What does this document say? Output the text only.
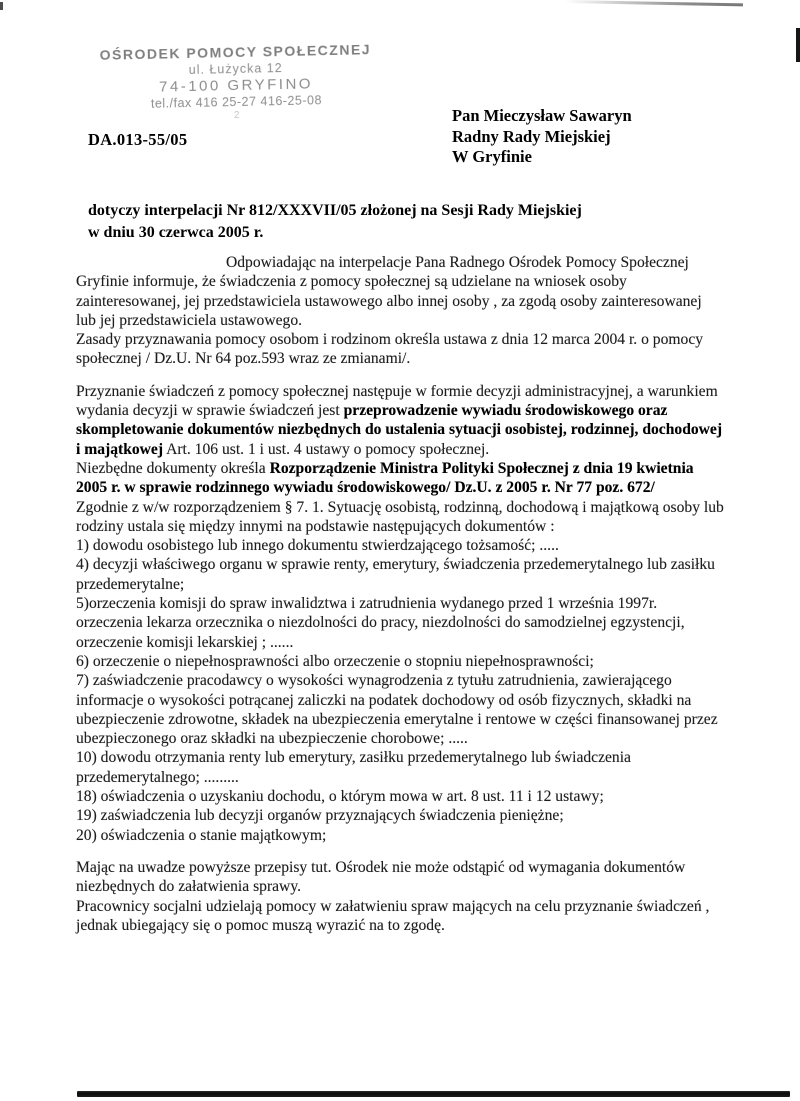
OŚRODEK POMOCY SPOŁECZNEJ
ul. Łużycka 12
74-100 GRYFINO
tel./fax 416 25-27 416-25-08
2
DA.013-55/05
Pan Mieczysław Sawaryn
Radny Rady Miejskiej
W Gryfinie
dotyczy interpelacji Nr 812/XXXVII/05 złożonej na Sesji Rady Miejskiej
w dniu 30 czerwca 2005 r.

Odpowiadając na interpelacje Pana Radnego Ośrodek Pomocy Społecznej Gryfinie informuje, że świadczenia z pomocy społecznej są udzielane na wniosek osoby zainteresowanej, jej przedstawiciela ustawowego albo innej osoby , za zgodą osoby zainteresowanej lub jej przedstawiciela ustawowego.

Zasady przyznawania pomocy osobom i rodzinom określa ustawa z dnia 12 marca 2004 r. o pomocy społecznej / Dz.U. Nr 64 poz.593 wraz ze zmianami/.

Przyznanie świadczeń z pomocy społecznej następuje w formie decyzji administracyjnej, a warunkiem wydania decyzji w sprawie świadczeń jest przeprowadzenie wywiadu środowiskowego oraz skompletowanie dokumentów niezbędnych do ustalenia sytuacji osobistej, rodzinnej, dochodowej i majątkowej Art. 106 ust. 1 i ust. 4 ustawy o pomocy społecznej.

Niezbędne dokumenty określa Rozporządzenie Ministra Polityki Społecznej z dnia 19 kwietnia 2005 r. w sprawie rodzinnego wywiadu środowiskowego/ Dz.U. z 2005 r. Nr 77 poz. 672/

Zgodnie z w/w rozporządzeniem § 7. 1. Sytuację osobistą, rodzinną, dochodową i majątkową osoby lub rodziny ustala się między innymi na podstawie następujących dokumentów :

1) dowodu osobistego lub innego dokumentu stwierdzającego tożsamość; .....

4) decyzji właściwego organu w sprawie renty, emerytury, świadczenia przedemerytalnego lub zasiłku przedemerytalne;

5)orzeczenia komisji do spraw inwalidztwa i zatrudnienia wydanego przed 1 września 1997r. orzeczenia lekarza orzecznika o niezdolności do pracy, niezdolności do samodzielnej egzystencji, orzeczenie komisji lekarskiej ; ......

6) orzeczenie o niepełnosprawności albo orzeczenie o stopniu niepełnosprawności;

7) zaświadczenie pracodawcy o wysokości wynagrodzenia z tytułu zatrudnienia, zawierającego informacje o wysokości potrącanej zaliczki na podatek dochodowy od osób fizycznych, składki na ubezpieczenie zdrowotne, składek na ubezpieczenia emerytalne i rentowe w części finansowanej przez ubezpieczonego oraz składki na ubezpieczenie chorobowe; .....

10) dowodu otrzymania renty lub emerytury, zasiłku przedemerytalnego lub świadczenia przedemerytalnego; .........

18) oświadczenia o uzyskaniu dochodu, o którym mowa w art. 8 ust. 11 i 12 ustawy;

19) zaświadczenia lub decyzji organów przyznających świadczenia pieniężne;

20) oświadczenia o stanie majątkowym;

Mając na uwadze powyższe przepisy tut. Ośrodek nie może odstąpić od wymagania dokumentów niezbędnych do załatwienia sprawy.

Pracownicy socjalni udzielają pomocy w załatwieniu spraw mających na celu przyznanie świadczeń , jednak ubiegający się o pomoc muszą wyrazić na to zgodę.
